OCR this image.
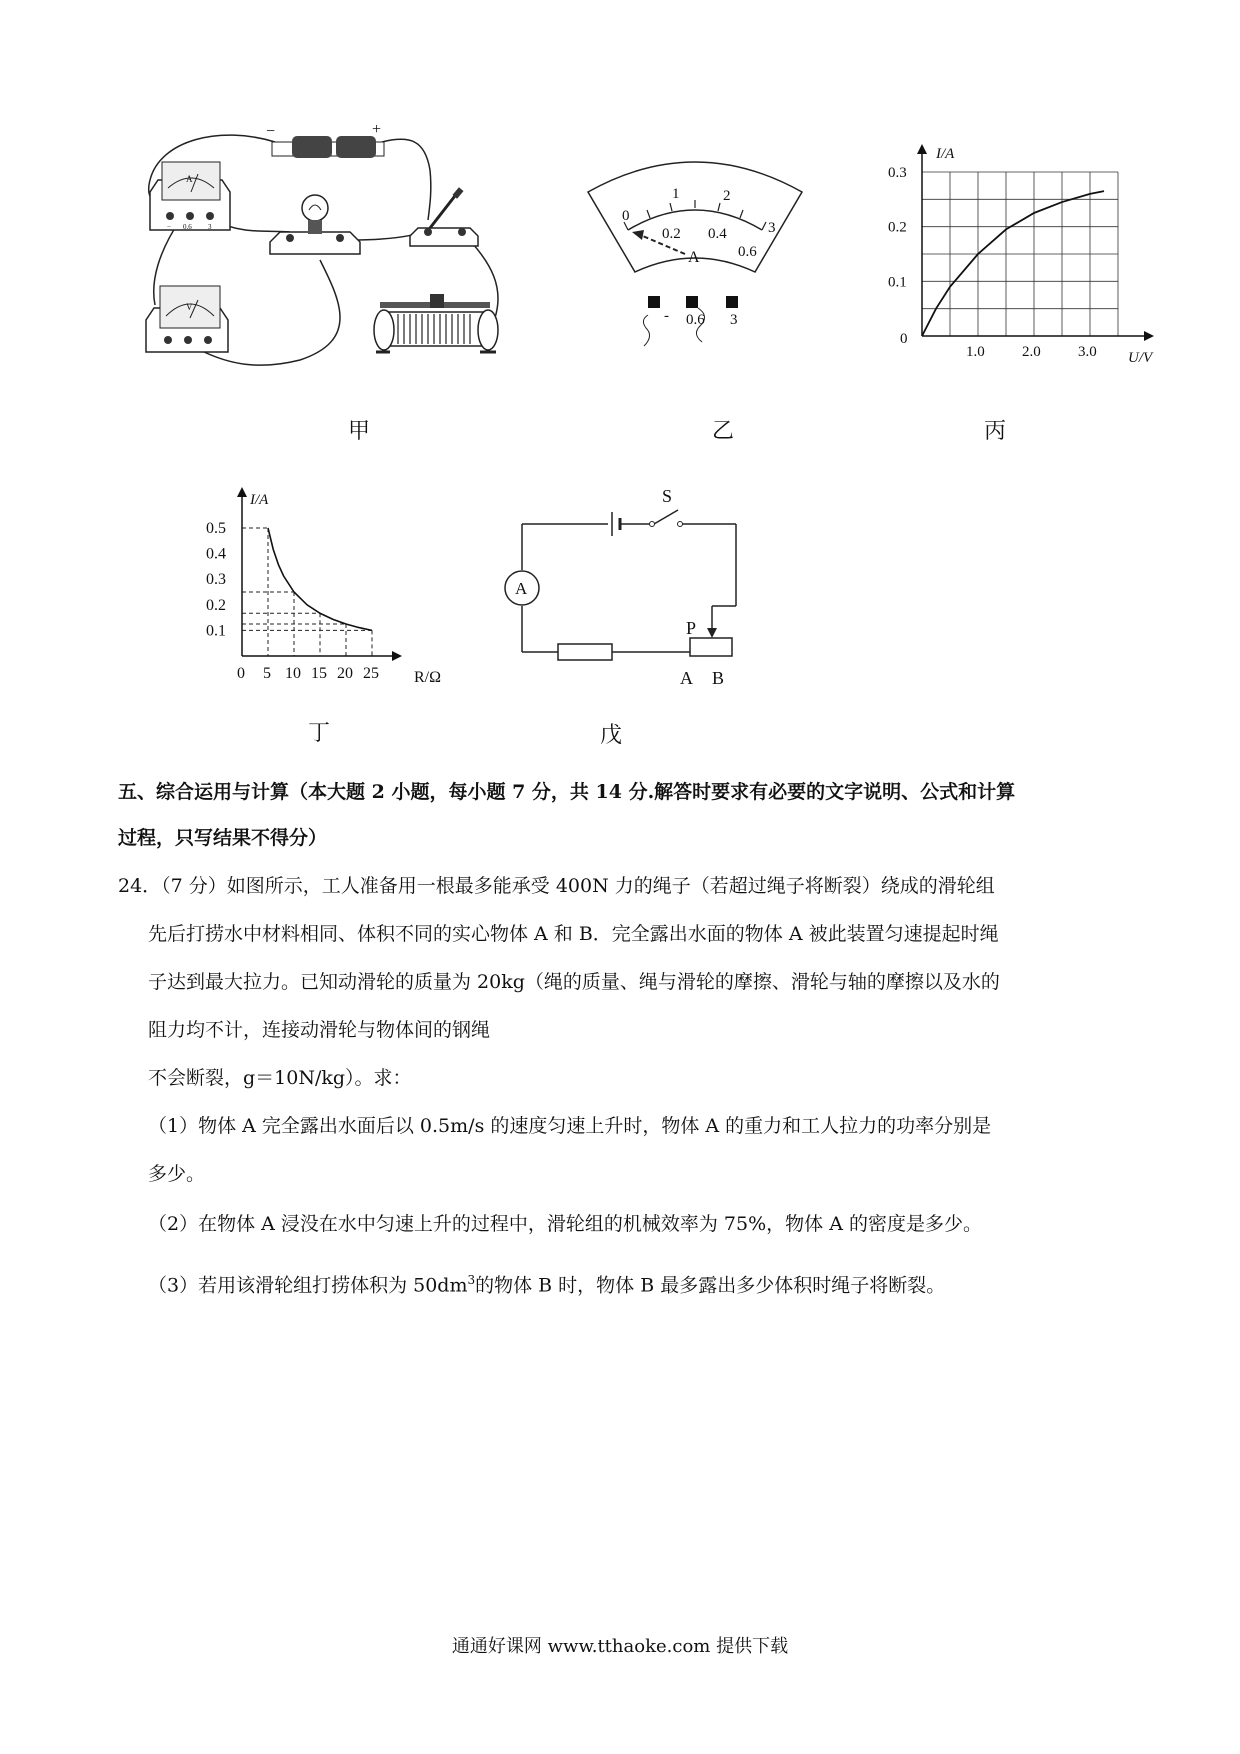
−	+
A
− 0.6 3
V
甲
0
1	2
3
0.2 0.4
0.6
A
- 0.6 3
乙
I/A
U/V
1.0 2.0 3.0
0
0.1
0.2
0.3
丙
I/A
R/Ω
0 5 10 15 20 25
0.5
0.4
0.3
0.2
0.1
丁
A
S
P
A B
戊
五、综合运用与计算（本大题 2 小题，每小题 7 分，共 14 分.解答时要求有必要的文字说明、公式和计算
过程，只写结果不得分）
24．（7 分）如图所示，工人准备用一根最多能承受 400N 力的绳子（若超过绳子将断裂）绕成的滑轮组
先后打捞水中材料相同、体积不同的实心物体 A 和 B．完全露出水面的物体 A 被此装置匀速提起时绳
子达到最大拉力。已知动滑轮的质量为 20kg（绳的质量、绳与滑轮的摩擦、滑轮与轴的摩擦以及水的
阻力均不计，连接动滑轮与物体间的钢绳
不会断裂，g＝10N/kg）。求：
（1）物体 A 完全露出水面后以 0.5m/s 的速度匀速上升时，物体 A 的重力和工人拉力的功率分别是
多少。
（2）在物体 A 浸没在水中匀速上升的过程中，滑轮组的机械效率为 75%，物体 A 的密度是多少。
（3）若用该滑轮组打捞体积为 $50dm^3$的物体 B 时，物体 B 最多露出多少体积时绳子将断裂。
通通好课网 www.tthaoke.com 提供下载
